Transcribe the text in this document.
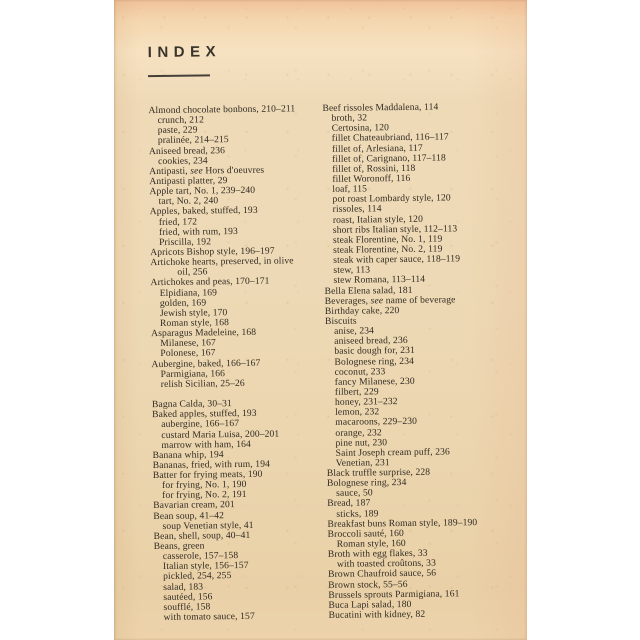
INDEX
Almond chocolate bonbons, 210–211
crunch, 212
paste, 229
pralinée, 214–215
Aniseed bread, 236
cookies, 234
Antipasti, see Hors d'oeuvres
Antipasti platter, 29
Apple tart, No. 1, 239–240
tart, No. 2, 240
Apples, baked, stuffed, 193
fried, 172
fried, with rum, 193
Priscilla, 192
Apricots Bishop style, 196–197
Artichoke hearts, preserved, in olive
oil, 256
Artichokes and peas, 170–171
Elpidiana, 169
golden, 169
Jewish style, 170
Roman style, 168
Asparagus Madeleine, 168
Milanese, 167
Polonese, 167
Aubergine, baked, 166–167
Parmigiana, 166
relish Sicilian, 25–26
Bagna Calda, 30–31
Baked apples, stuffed, 193
aubergine, 166–167
custard Maria Luisa, 200–201
marrow with ham, 164
Banana whip, 194
Bananas, fried, with rum, 194
Batter for frying meats, 190
for frying, No. 1, 190
for frying, No. 2, 191
Bavarian cream, 201
Bean soup, 41–42
soup Venetian style, 41
Bean, shell, soup, 40–41
Beans, green
casserole, 157–158
Italian style, 156–157
pickled, 254, 255
salad, 183
sautéed, 156
soufflé, 158
with tomato sauce, 157
Beef rissoles Maddalena, 114
broth, 32
Certosina, 120
fillet Chateaubriand, 116–117
fillet of, Arlesiana, 117
fillet of, Carignano, 117–118
fillet of, Rossini, 118
fillet Woronoff, 116
loaf, 115
pot roast Lombardy style, 120
rissoles, 114
roast, Italian style, 120
short ribs Italian style, 112–113
steak Florentine, No. 1, 119
steak Florentine, No. 2, 119
steak with caper sauce, 118–119
stew, 113
stew Romana, 113–114
Bella Elena salad, 181
Beverages, see name of beverage
Birthday cake, 220
Biscuits
anise, 234
aniseed bread, 236
basic dough for, 231
Bolognese ring, 234
coconut, 233
fancy Milanese, 230
filbert, 229
honey, 231–232
lemon, 232
macaroons, 229–230
orange, 232
pine nut, 230
Saint Joseph cream puff, 236
Venetian, 231
Black truffle surprise, 228
Bolognese ring, 234
sauce, 50
Bread, 187
sticks, 189
Breakfast buns Roman style, 189–190
Broccoli sauté, 160
Roman style, 160
Broth with egg flakes, 33
with toasted croûtons, 33
Brown Chaufroid sauce, 56
Brown stock, 55–56
Brussels sprouts Parmigiana, 161
Buca Lapi salad, 180
Bucatini with kidney, 82
